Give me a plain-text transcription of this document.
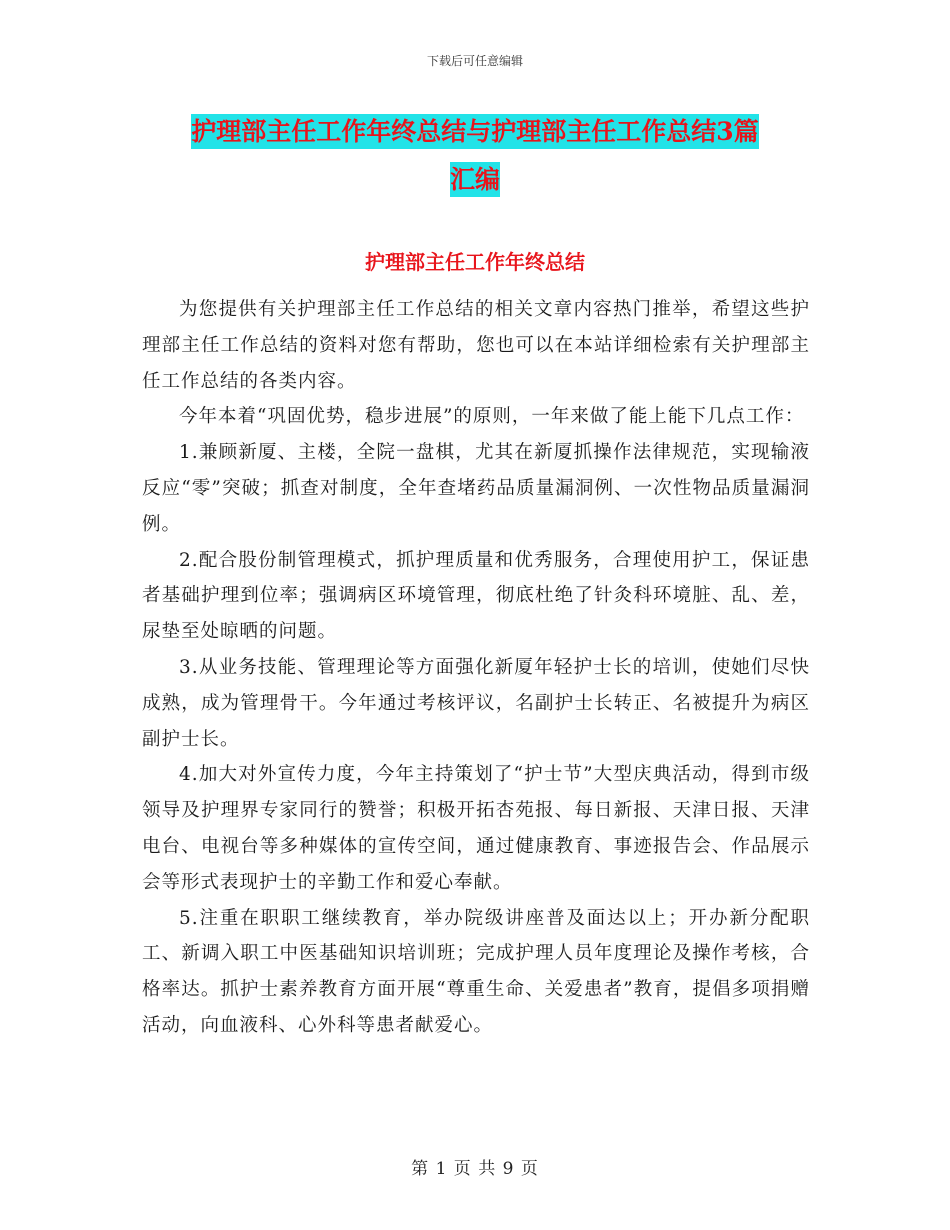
下载后可任意编辑
护理部主任工作年终总结与护理部主任工作总结3篇
汇编
护理部主任工作年终总结

为您提供有关护理部主任工作总结的相关文章内容热门推举，希望这些护理部主任工作总结的资料对您有帮助，您也可以在本站详细检索有关护理部主任工作总结的各类内容。

今年本着“巩固优势，稳步进展”的原则，一年来做了能上能下几点工作：

1.兼顾新厦、主楼，全院一盘棋，尤其在新厦抓操作法律规范，实现输液反应“零”突破；抓查对制度，全年查堵药品质量漏洞例、一次性物品质量漏洞例。

2.配合股份制管理模式，抓护理质量和优秀服务，合理使用护工，保证患者基础护理到位率；强调病区环境管理，彻底杜绝了针灸科环境脏、乱、差，尿垫至处晾晒的问题。

3.从业务技能、管理理论等方面强化新厦年轻护士长的培训，使她们尽快成熟，成为管理骨干。今年通过考核评议，名副护士长转正、名被提升为病区副护士长。

4.加大对外宣传力度，今年主持策划了“护士节”大型庆典活动，得到市级领导及护理界专家同行的赞誉；积极开拓杏苑报、每日新报、天津日报、天津电台、电视台等多种媒体的宣传空间，通过健康教育、事迹报告会、作品展示会等形式表现护士的辛勤工作和爱心奉献。

5.注重在职职工继续教育，举办院级讲座普及面达以上；开办新分配职工、新调入职工中医基础知识培训班；完成护理人员年度理论及操作考核，合格率达。抓护士素养教育方面开展“尊重生命、关爱患者”教育，提倡多项捐赠活动，向血液科、心外科等患者献爱心。

第 1 页 共 9 页
